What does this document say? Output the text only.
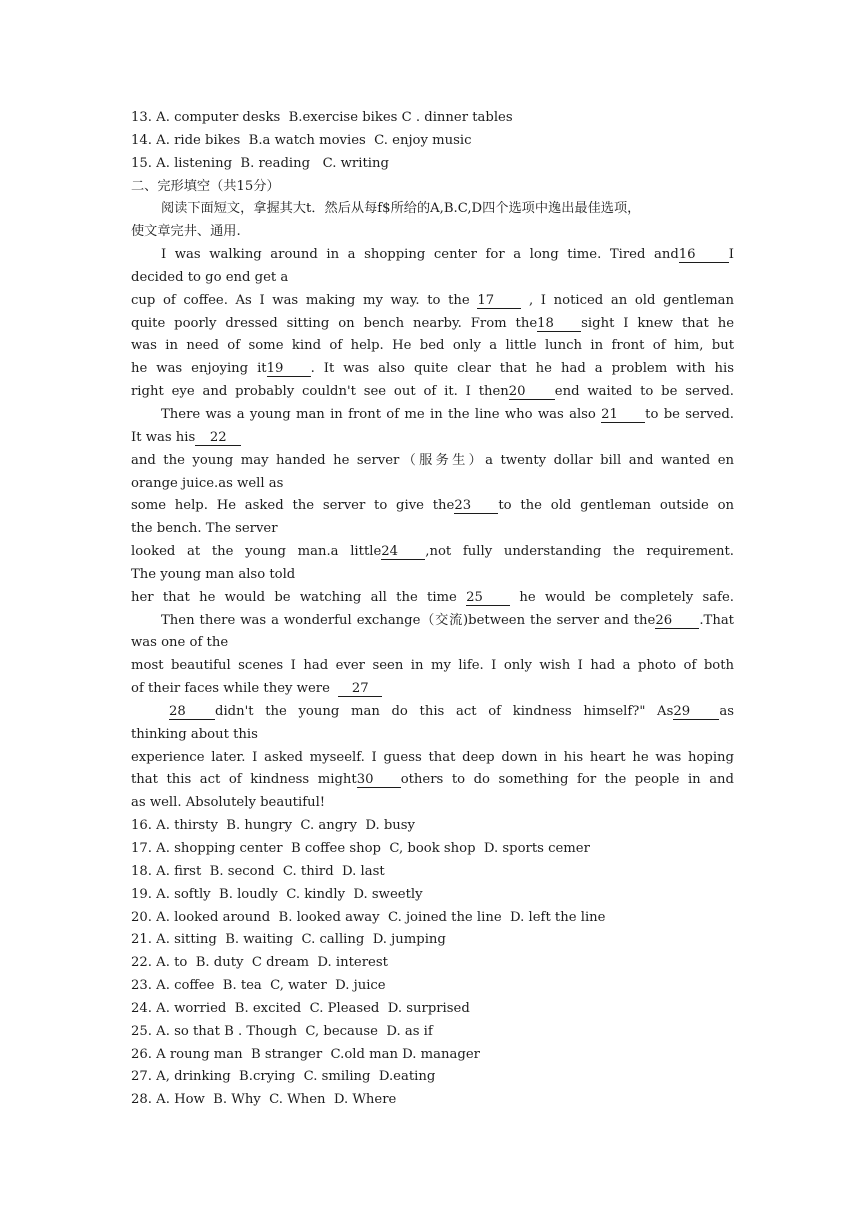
13. A. computer desks  B.exercise bikes C . dinner tables
14. A. ride bikes  B.a watch movies  C. enjoy music
15. A. listening  B. reading   C. writing
二、完形填空（共15分）
阅读下面短文，拿握其大t．然后从每f$所给的A,B.C,D四个选项中逸出最佳选项，
使文章完井、通用.
I was walking around in a shopping center for a long time. Tired and16	I
decided to go end get a
cup of coffee. As I was making my way. to the 17	, I noticed an old gentleman
quite poorly dressed sitting on bench nearby. From the18 sight I knew that he
was in need of some kind of help. He bed only a little lunch in front of him, but
he was enjoying it19 . It was also quite clear that he had a problem with his
right eye and probably couldn't see out of it. I then20 end waited to be served.
There was a young man in front of me in the line who was also 21 to be served.
It was his 22
and the young may handed he server（服务生）a twenty dollar bill and wanted en
orange juice.as well as
some help. He asked the server to give the23 to the old gentleman outside on
the bench. The server
looked at the young man.a little24 ,not fully understanding the requirement.
The young man also told
her that he would be watching all the time 25	he would be completely safe.
Then there was a wonderful exchange（交流)between the server and the26 .That
was one of the
most beautiful scenes I had ever seen in my life. I only wish I had a photo of both
of their faces while they were 27
28 didn't the young man do this act of kindness himself?" As29 as
thinking about this
experience later. I asked myseelf. I guess that deep down in his heart he was hoping
that this act of kindness might30 others to do something for the people in and
as well. Absolutely beautiful!
16. A. thirsty  B. hungry  C. angry  D. busy
17. A. shopping center  B coffee shop  C, book shop  D. sports cemer
18. A. first  B. second  C. third  D. last
19. A. softly  B. loudly  C. kindly  D. sweetly
20. A. looked around  B. looked away  C. joined the line  D. left the line
21. A. sitting  B. waiting  C. calling  D. jumping
22. A. to  B. duty  C dream  D. interest
23. A. coffee  B. tea  C, water  D. juice
24. A. worried  B. excited  C. Pleased  D. surprised
25. A. so that B . Though  C, because  D. as if
26. A roung man  B stranger  C.old man D. manager
27. A, drinking  B.crying  C. smiling  D.eating
28. A. How  B. Why  C. When  D. Where
